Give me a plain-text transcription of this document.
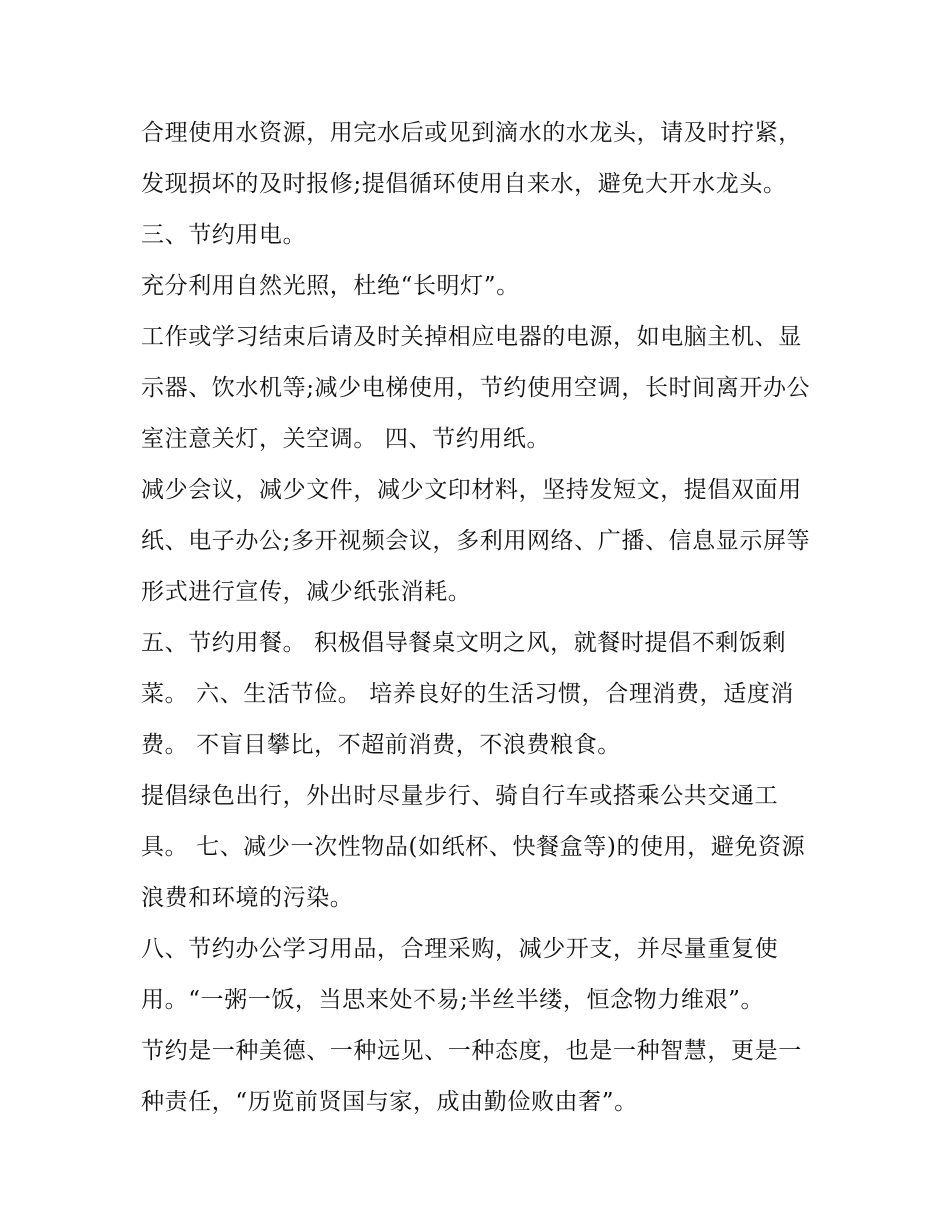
合理使用水资源，用完水后或见到滴水的水龙头，请及时拧紧，发现损坏的及时报修;提倡循环使用自来水，避免大开水龙头。 三、节约用电。

充分利用自然光照，杜绝“长明灯”。

工作或学习结束后请及时关掉相应电器的电源，如电脑主机、显示器、饮水机等;减少电梯使用，节约使用空调，长时间离开办公室注意关灯，关空调。 四、节约用纸。

减少会议，减少文件，减少文印材料，坚持发短文，提倡双面用纸、电子办公;多开视频会议，多利用网络、广播、信息显示屏等形式进行宣传，减少纸张消耗。

五、节约用餐。 积极倡导餐桌文明之风，就餐时提倡不剩饭剩菜。 六、生活节俭。 培养良好的生活习惯，合理消费，适度消费。 不盲目攀比，不超前消费，不浪费粮食。

提倡绿色出行，外出时尽量步行、骑自行车或搭乘公共交通工具。 七、减少一次性物品(如纸杯、快餐盒等)的使用，避免资源浪费和环境的污染。

八、节约办公学习用品，合理采购，减少开支，并尽量重复使用。“一粥一饭，当思来处不易;半丝半缕，恒念物力维艰”。

节约是一种美德、一种远见、一种态度，也是一种智慧，更是一种责任，“历览前贤国与家，成由勤俭败由奢”。
